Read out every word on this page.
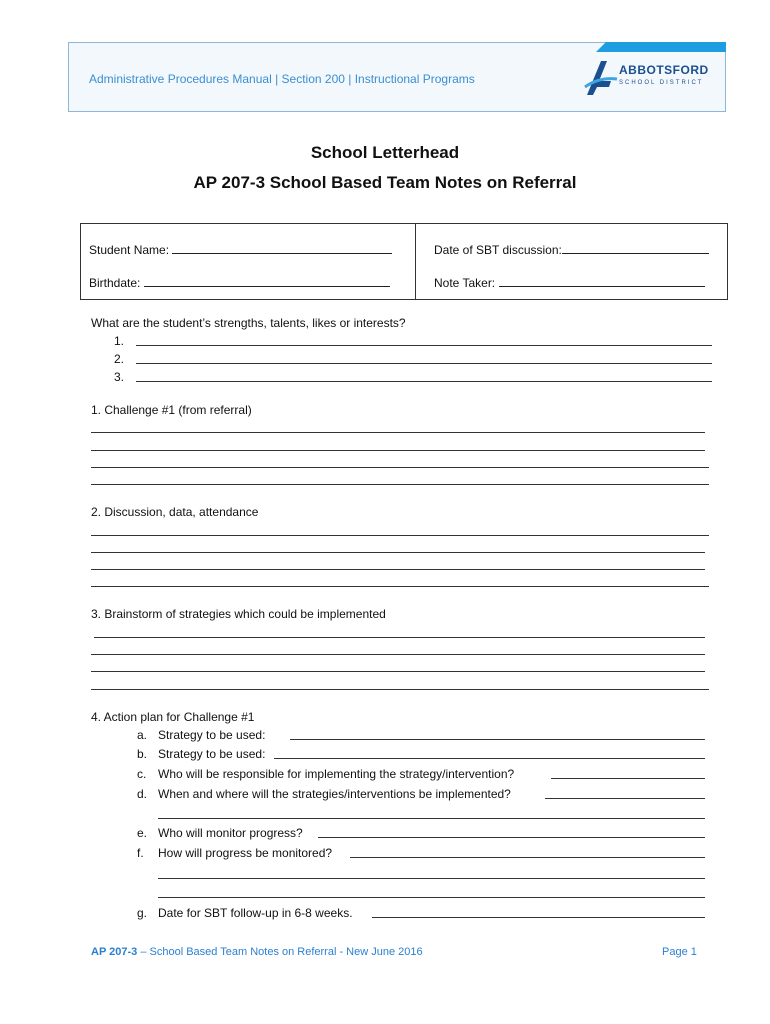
Administrative Procedures Manual | Section 200 | Instructional Programs
ABBOTSFORD
SCHOOL DISTRICT
School Letterhead
AP 207-3 School Based Team Notes on Referral
Student Name:	Date of SBT discussion:
Birthdate:	Note Taker:
What are the student’s strengths, talents, likes or interests?
1.
2.
3.
1. Challenge #1 (from referral)
2. Discussion, data, attendance
3. Brainstorm of strategies which could be implemented
4. Action plan for Challenge #1
a. Strategy to be used:
b. Strategy to be used:
c. Who will be responsible for implementing the strategy/intervention?
d. When and where will the strategies/interventions be implemented?
e. Who will monitor progress?
f. How will progress be monitored?
g. Date for SBT follow-up in 6-8 weeks.
AP 207-3 – School Based Team Notes on Referral - New June 2016	Page 1
